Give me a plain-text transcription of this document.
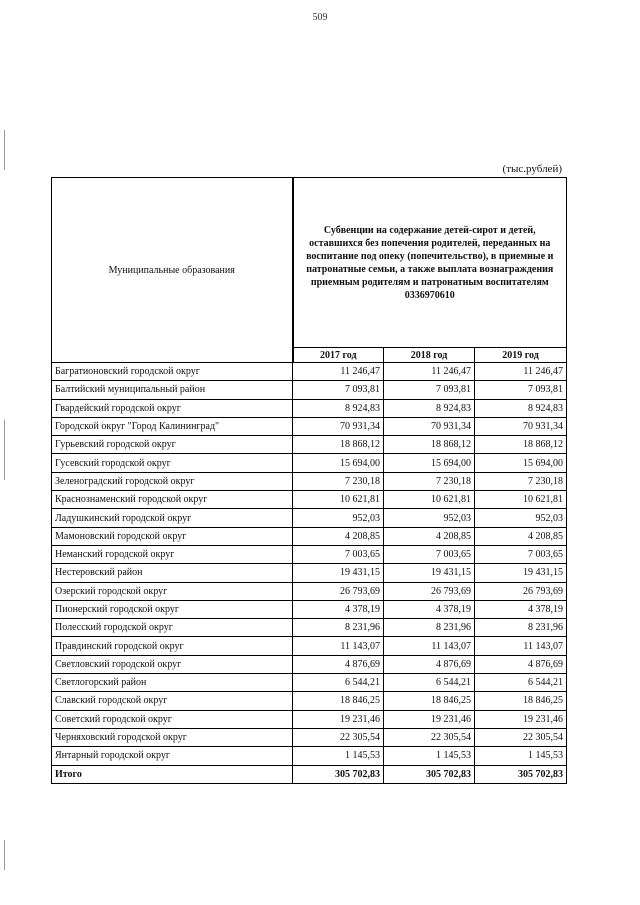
509
(тыс.рублей)
Муниципальные образования	Субвенции на содержание детей-сирот и детей, оставшихся без попечения родителей, переданных на воспитание под опеку (попечительство), в приемные и патронатные семьи, а также выплата вознаграждения приемным родителям и патронатным воспитателям 0336970610		
	2017 год	2018 год	2019 год
Багратионовский городской округ	11 246,47	11 246,47	11 246,47
Балтийский муниципальный район	7 093,81	7 093,81	7 093,81
Гвардейский городской округ	8 924,83	8 924,83	8 924,83
Городской округ "Город Калининград"	70 931,34	70 931,34	70 931,34
Гурьевский городской округ	18 868,12	18 868,12	18 868,12
Гусевский городской округ	15 694,00	15 694,00	15 694,00
Зеленоградский городской округ	7 230,18	7 230,18	7 230,18
Краснознаменский городской округ	10 621,81	10 621,81	10 621,81
Ладушкинский городской округ	952,03	952,03	952,03
Мамоновский городской округ	4 208,85	4 208,85	4 208,85
Неманский городской округ	7 003,65	7 003,65	7 003,65
Нестеровский район	19 431,15	19 431,15	19 431,15
Озерский городской округ	26 793,69	26 793,69	26 793,69
Пионерский городской округ	4 378,19	4 378,19	4 378,19
Полесский городской округ	8 231,96	8 231,96	8 231,96
Правдинский городской округ	11 143,07	11 143,07	11 143,07
Светловский городской округ	4 876,69	4 876,69	4 876,69
Светлогорский район	6 544,21	6 544,21	6 544,21
Славский городской округ	18 846,25	18 846,25	18 846,25
Советский городской округ	19 231,46	19 231,46	19 231,46
Черняховский городской округ	22 305,54	22 305,54	22 305,54
Янтарный городской округ	1 145,53	1 145,53	1 145,53
Итого	305 702,83	305 702,83	305 702,83
